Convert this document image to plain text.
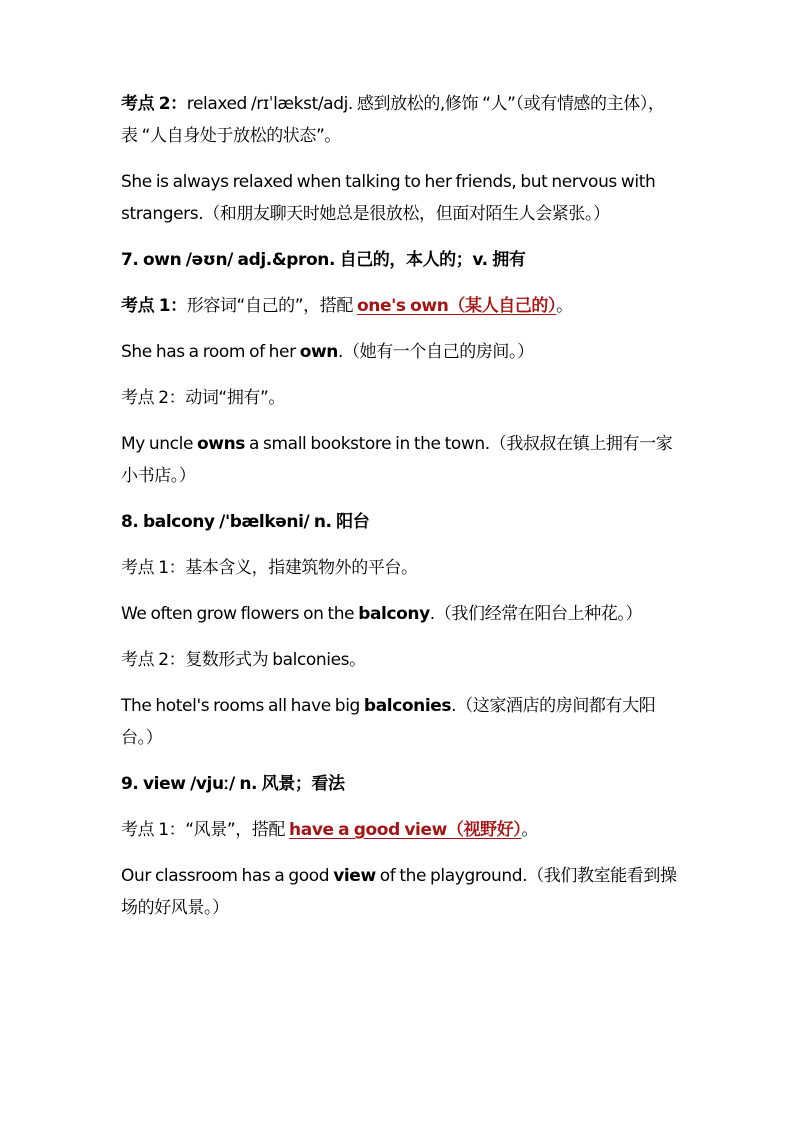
考点 2：relaxed /rɪˈlækst/adj. 感到放松的,修饰 “人”（或有情感的主体），表 “人自身处于放松的状态”。

She is always relaxed when talking to her friends, but nervous with strangers.（和朋友聊天时她总是很放松，但面对陌生人会紧张。）

7. own /əʊn/ adj.&pron. 自己的，本人的；v. 拥有

考点 1：形容词“自己的”，搭配 one's own（某人自己的）。

She has a room of her own.（她有一个自己的房间。）

考点 2：动词“拥有”。

My uncle owns a small bookstore in the town.（我叔叔在镇上拥有一家小书店。）

8. balcony /'bælkəni/ n. 阳台

考点 1：基本含义，指建筑物外的平台。

We often grow flowers on the balcony.（我们经常在阳台上种花。）

考点 2：复数形式为 balconies。

The hotel's rooms all have big balconies.（这家酒店的房间都有大阳台。）

9. view /vjuː/ n. 风景；看法

考点 1：“风景”，搭配 have a good view（视野好）。

Our classroom has a good view of the playground.（我们教室能看到操场的好风景。）
